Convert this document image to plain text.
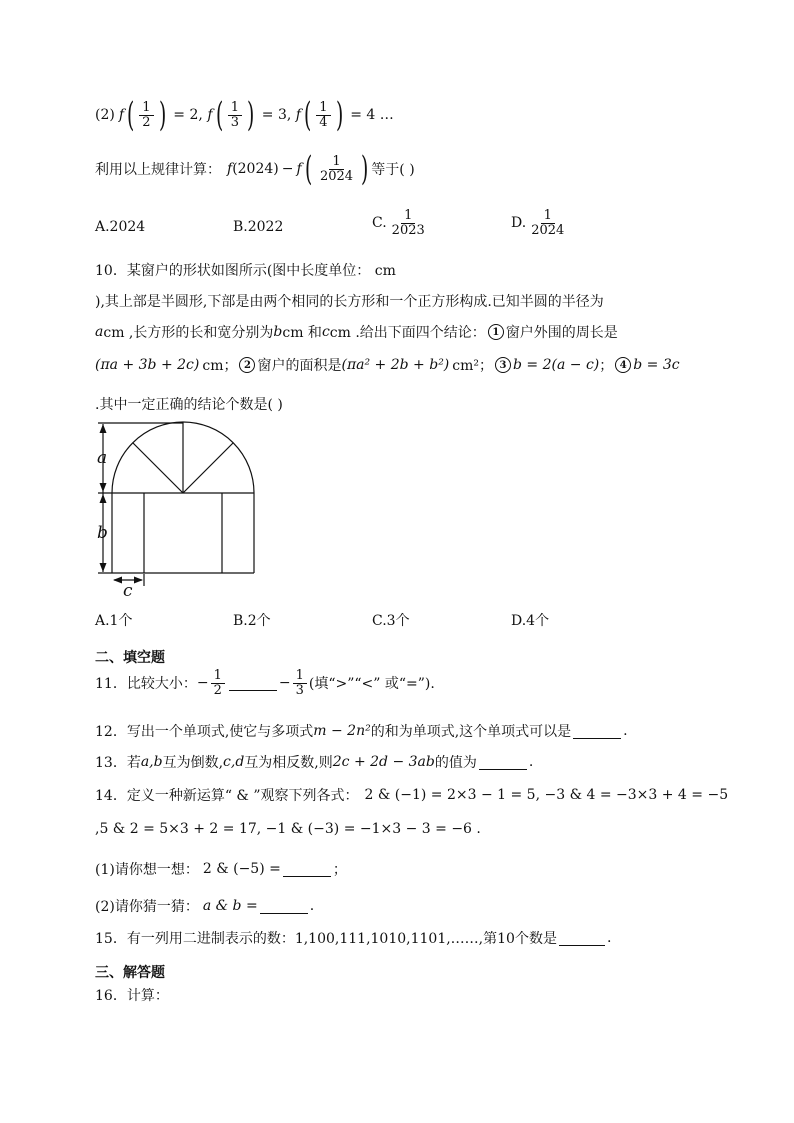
(2) f ( $\frac{1}{2}$ ) = 2 , f ( $\frac{1}{3}$ ) = 3 , f ( $\frac{1}{4}$ ) = 4
…
利用以上规律计算： f (2024) − f ( $\frac{1}{2024}$ ) 等于( )
A.2024	B.2022	C. $\frac{1}{2023}$	D. $\frac{1}{2024}$
10．某窗户的形状如图所示(图中长度单位： cm
),其上部是半圆形,下部是由两个相同的长方形和一个正方形构成.已知半圆的半径为
a cm ,长方形的长和宽分别为 b cm 和 c cm .给出下面四个结论： 1 窗户外围的周长是
(πa + 3b + 2c) cm； 2 窗户的面积是 (πa² + 2b + b²) cm²； 3 b = 2(a − c) ； 4 b = 3c
.其中一定正确的结论个数是( )
a
b
c
A.1个	B.2个	C.3个	D.4个
二、填空题
11．比较大小： − $\frac{1}{2}$	− $\frac{1}{3}$ (填“>”“<” 或“=”).
12．写出一个单项式,使它与多项式 m − 2n² 的和为单项式,这个单项式可以是	.
13．若 a,b 互为倒数, c,d 互为相反数,则 2c + 2d − 3ab 的值为	.
14．定义一种新运算“ & ”观察下列各式： 2 & (−1) = 2×3 − 1 = 5, −3 & 4 = −3×3 + 4 = −5
,5 & 2 = 5×3 + 2 = 17, −1 & (−3) = −1×3 − 3 = −6 .
(1)请你想一想： 2 & (−5) =	；
(2)请你猜一猜： a & b =	.
15．有一列用二进制表示的数：1,100,111,1010,1101,……,第10个数是	.
三、解答题
16．计算：
